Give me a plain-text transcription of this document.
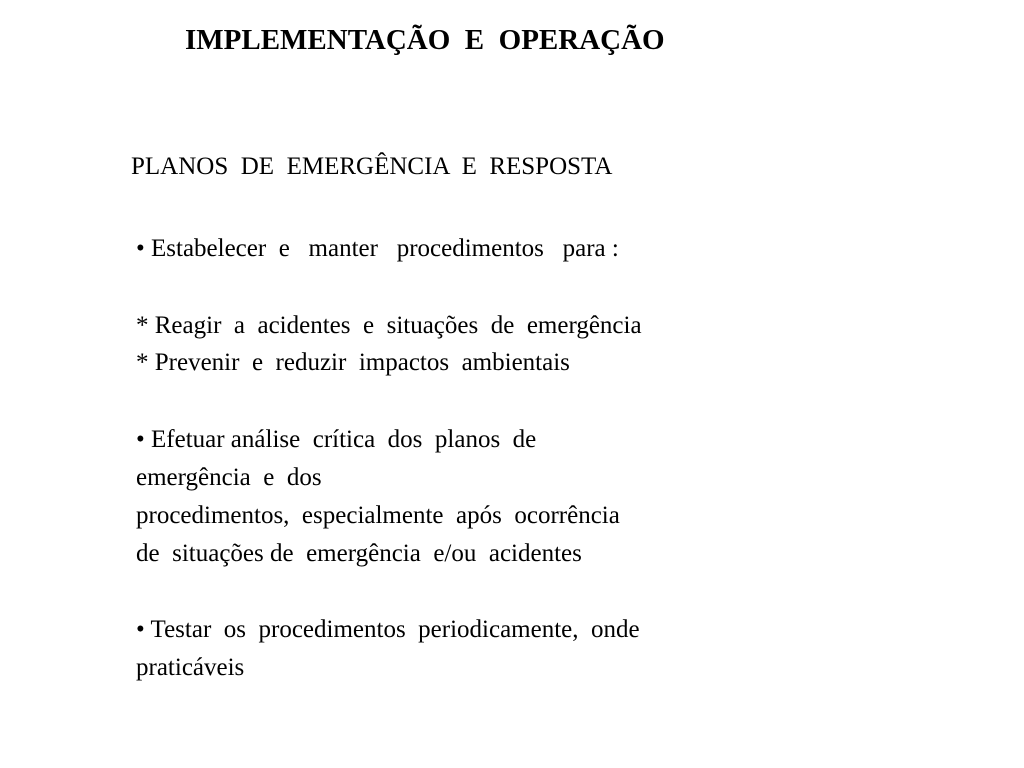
IMPLEMENTAÇÃO  E  OPERAÇÃO
PLANOS  DE  EMERGÊNCIA  E  RESPOSTA
• Estabelecer  e   manter   procedimentos   para :
* Reagir  a  acidentes  e  situações  de  emergência
* Prevenir  e  reduzir  impactos  ambientais
• Efetuar análise  crítica  dos  planos  de
emergência  e  dos
procedimentos,  especialmente  após  ocorrência
de  situações de  emergência  e/ou  acidentes
• Testar  os  procedimentos  periodicamente,  onde
praticáveis
